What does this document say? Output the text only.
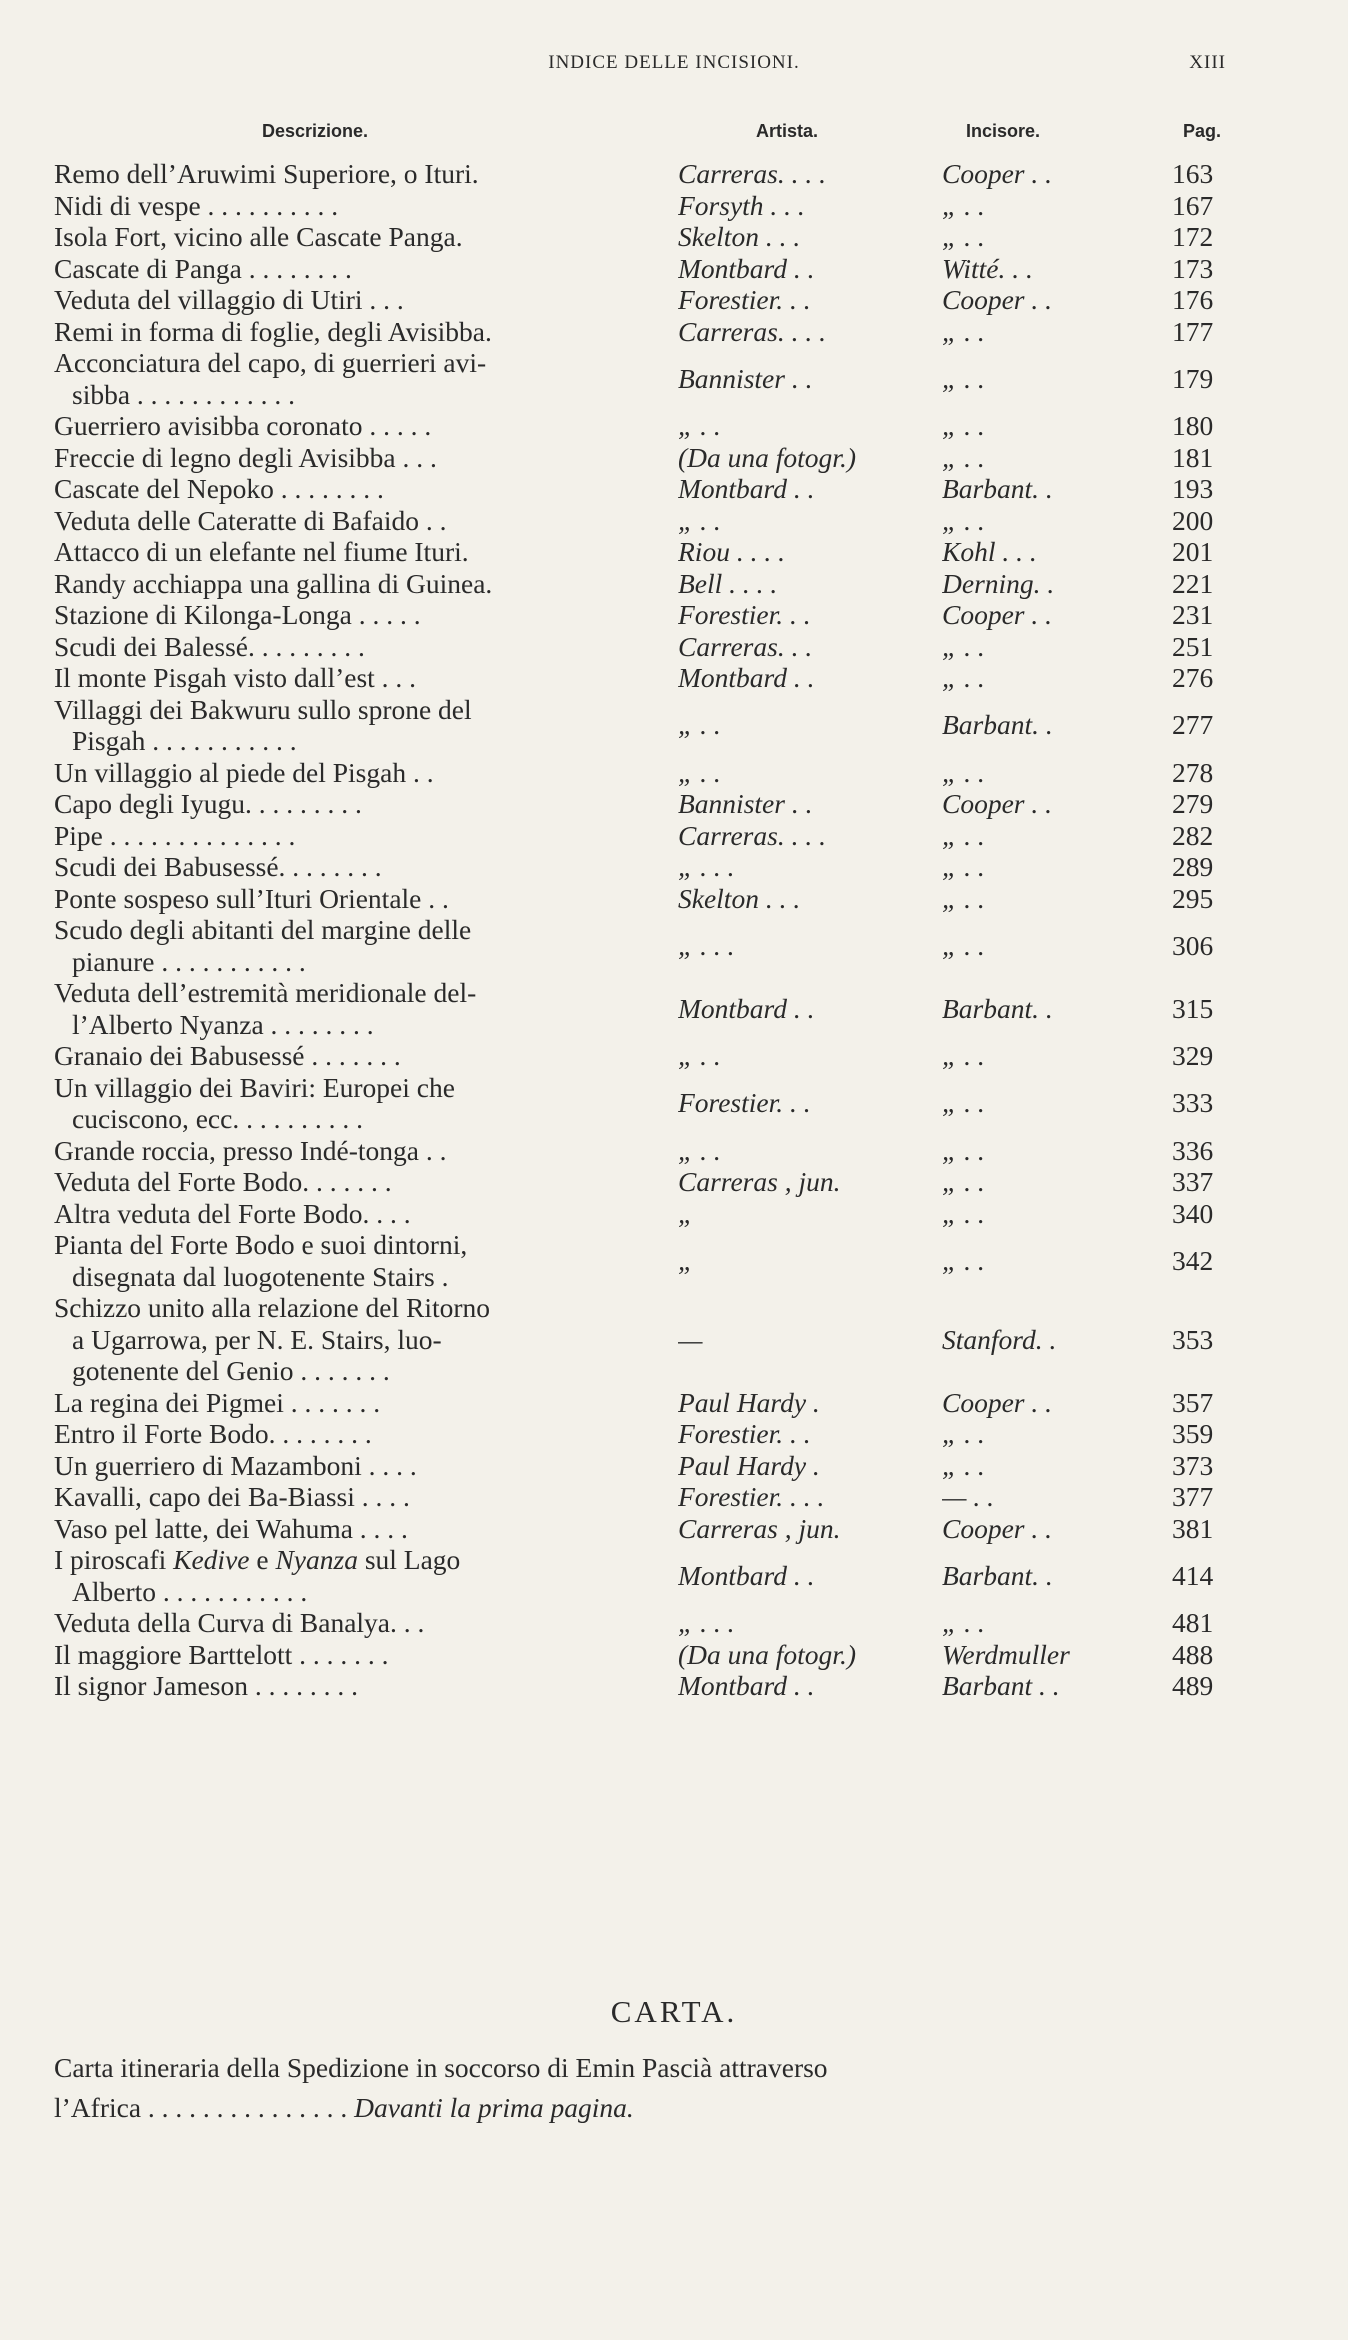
INDICE DELLE INCISIONI.	XIII
Descrizione.	Artista.	Incisore.	Pag.
Remo dell’Aruwimi Superiore, o Ituri.	Carreras. . . .	Cooper . .	163
Nidi di vespe . . . . . . . . . .	Forsyth . . .	„ . .	167
Isola Fort, vicino alle Cascate Panga.	Skelton . . .	„ . .	172
Cascate di Panga . . . . . . . .	Montbard . .	Witté. . .	173
Veduta del villaggio di Utiri . . .	Forestier. . .	Cooper . .	176
Remi in forma di foglie, degli Avisibba.	Carreras. . . .	„ . .	177
Acconciatura del capo, di guerrieri avi-
sibba . . . . . . . . . . . .	Bannister . .	„ . .	179
Guerriero avisibba coronato . . . . .	„ . .	„ . .	180
Freccie di legno degli Avisibba . . .	(Da una fotogr.)	„ . .	181
Cascate del Nepoko . . . . . . . .	Montbard . .	Barbant. .	193
Veduta delle Cateratte di Bafaido . .	„ . .	„ . .	200
Attacco di un elefante nel fiume Ituri.	Riou . . . .	Kohl . . .	201
Randy acchiappa una gallina di Guinea.	Bell . . . .	Derning. .	221
Stazione di Kilonga-Longa . . . . .	Forestier. . .	Cooper . .	231
Scudi dei Balessé. . . . . . . . .	Carreras. . .	„ . .	251
Il monte Pisgah visto dall’est . . .	Montbard . .	„ . .	276
Villaggi dei Bakwuru sullo sprone del
Pisgah . . . . . . . . . . .	„ . .	Barbant. .	277
Un villaggio al piede del Pisgah . .	„ . .	„ . .	278
Capo degli Iyugu. . . . . . . . .	Bannister . .	Cooper . .	279
Pipe . . . . . . . . . . . . . .	Carreras. . . .	„ . .	282
Scudi dei Babusessé. . . . . . . .	„ . . .	„ . .	289
Ponte sospeso sull’Ituri Orientale . .	Skelton . . .	„ . .	295
Scudo degli abitanti del margine delle
pianure . . . . . . . . . . .	„ . . .	„ . .	306
Veduta dell’estremità meridionale del-
l’Alberto Nyanza . . . . . . . .	Montbard . .	Barbant. .	315
Granaio dei Babusessé . . . . . . .	„ . .	„ . .	329
Un villaggio dei Baviri: Europei che
cuciscono, ecc. . . . . . . . . .	Forestier. . .	„ . .	333
Grande roccia, presso Indé-tonga . .	„ . .	„ . .	336
Veduta del Forte Bodo. . . . . . .	Carreras , jun.	„ . .	337
Altra veduta del Forte Bodo. . . .	„	„ . .	340
Pianta del Forte Bodo e suoi dintorni,
disegnata dal luogotenente Stairs .	„	„ . .	342
Schizzo unito alla relazione del Ritorno
a Ugarrowa, per N. E. Stairs, luo-
gotenente del Genio . . . . . . .	—	Stanford. .	353
La regina dei Pigmei . . . . . . .	Paul Hardy .	Cooper . .	357
Entro il Forte Bodo. . . . . . . .	Forestier. . .	„ . .	359
Un guerriero di Mazamboni . . . .	Paul Hardy .	„ . .	373
Kavalli, capo dei Ba-Biassi . . . .	Forestier. . . .	— . .	377
Vaso pel latte, dei Wahuma . . . .	Carreras , jun.	Cooper . .	381
I piroscafi Kedive e Nyanza sul Lago
Alberto . . . . . . . . . . .	Montbard . .	Barbant. .	414
Veduta della Curva di Banalya. . .	„ . . .	„ . .	481
Il maggiore Barttelott . . . . . . .	(Da una fotogr.)	Werdmuller	488
Il signor Jameson . . . . . . . .	Montbard . .	Barbant . .	489
CARTA.
Carta itineraria della Spedizione in soccorso di Emin Pascià attraverso
l’Africa . . . . . . . . . . . . . . . Davanti la prima pagina.
